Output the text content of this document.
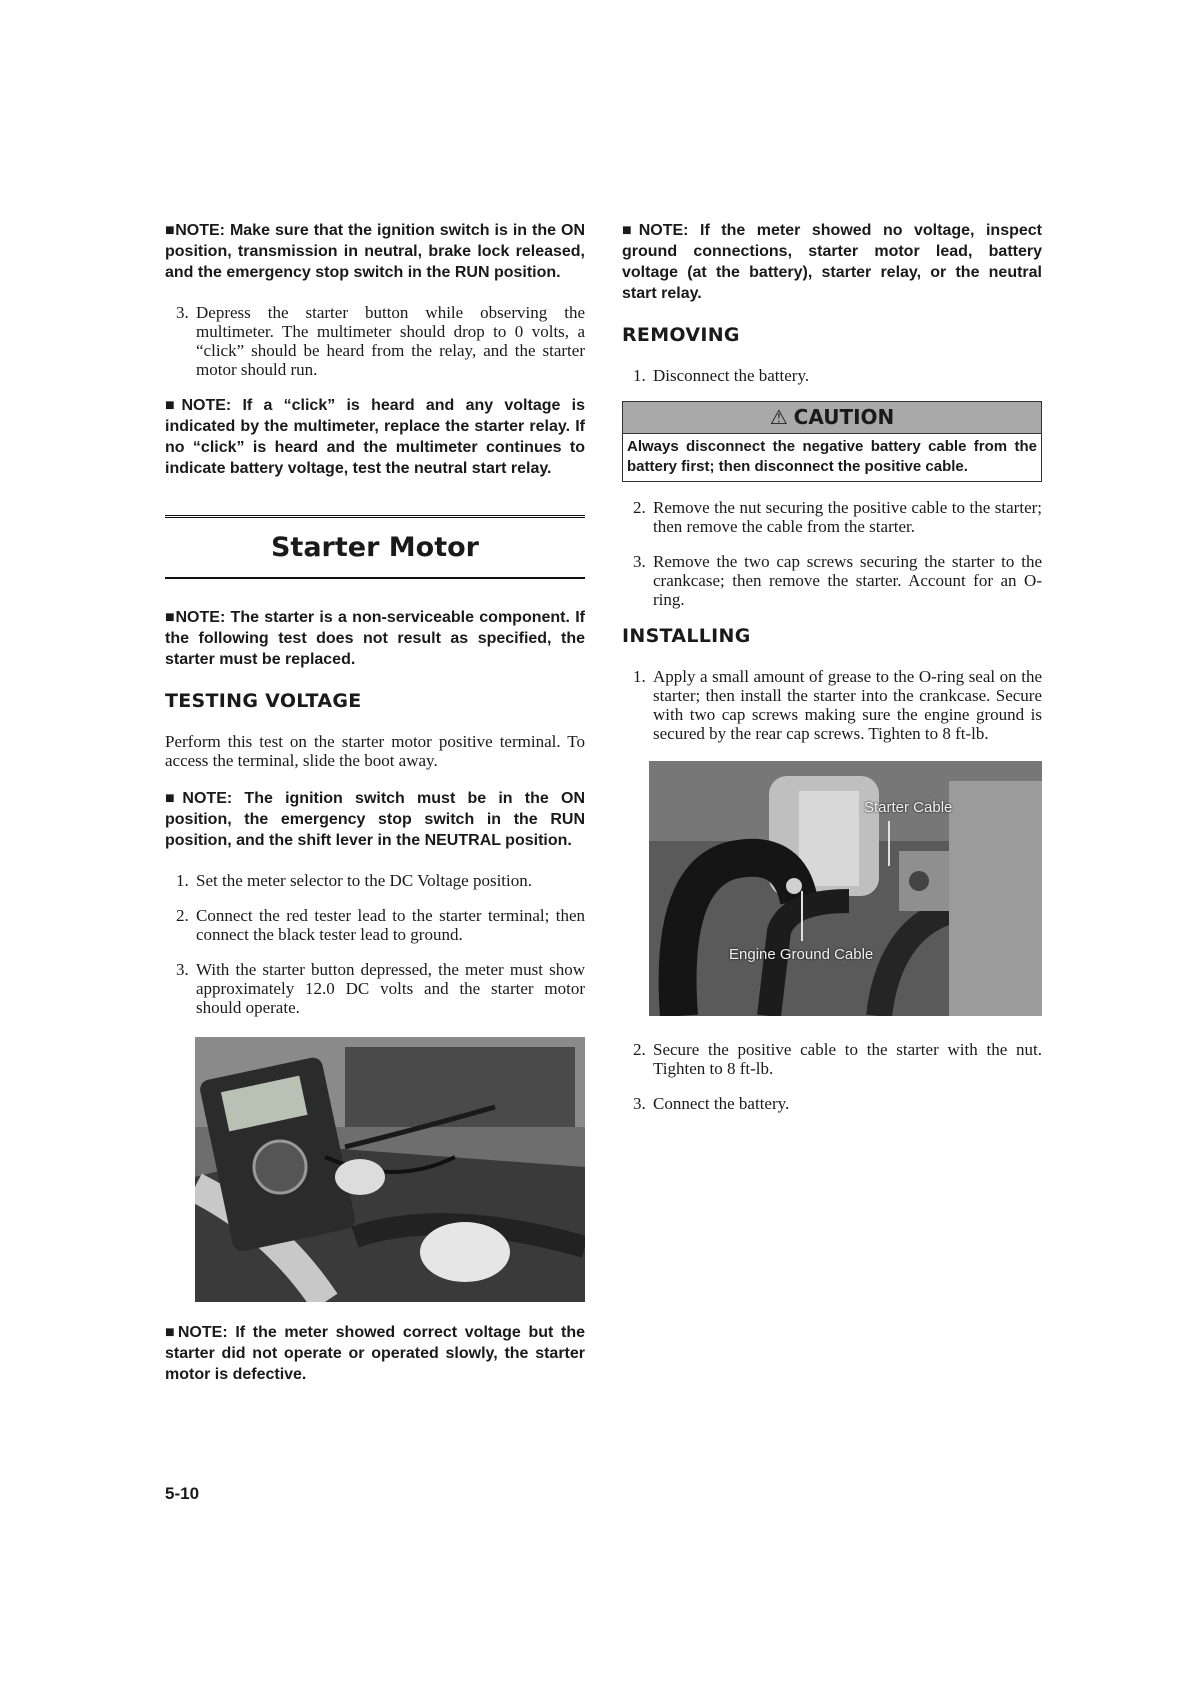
■NOTE: Make sure that the ignition switch is in the ON position, transmission in neutral, brake lock released, and the emergency stop switch in the RUN position.

3. Depress the starter button while observing the multimeter. The multimeter should drop to 0 volts, a “click” should be heard from the relay, and the starter motor should run.

■NOTE: If a “click” is heard and any voltage is indicated by the multimeter, replace the starter relay. If no “click” is heard and the multimeter continues to indicate battery voltage, test the neutral start relay.

Starter Motor

■NOTE: The starter is a non-serviceable component. If the following test does not result as specified, the starter must be replaced.

TESTING VOLTAGE

Perform this test on the starter motor positive terminal. To access the terminal, slide the boot away.

■NOTE: The ignition switch must be in the ON position, the emergency stop switch in the RUN position, and the shift lever in the NEUTRAL position.

1. Set the meter selector to the DC Voltage position.

2. Connect the red tester lead to the starter terminal; then connect the black tester lead to ground.

3. With the starter button depressed, the meter must show approximately 12.0 DC volts and the starter motor should operate.

■NOTE: If the meter showed correct voltage but the starter did not operate or operated slowly, the starter motor is defective.

■NOTE: If the meter showed no voltage, inspect ground connections, starter motor lead, battery voltage (at the battery), starter relay, or the neutral start relay.

REMOVING

1. Disconnect the battery.

⚠ CAUTION
Always disconnect the negative battery cable from the battery first; then disconnect the positive cable.

2. Remove the nut securing the positive cable to the starter; then remove the cable from the starter.

3. Remove the two cap screws securing the starter to the crankcase; then remove the starter. Account for an O-ring.

INSTALLING

1. Apply a small amount of grease to the O-ring seal on the starter; then install the starter into the crankcase. Secure with two cap screws making sure the engine ground is secured by the rear cap screws. Tighten to 8 ft-lb.

Starter Cable
Engine Ground Cable

2. Secure the positive cable to the starter with the nut. Tighten to 8 ft-lb.

3. Connect the battery.

5-10
